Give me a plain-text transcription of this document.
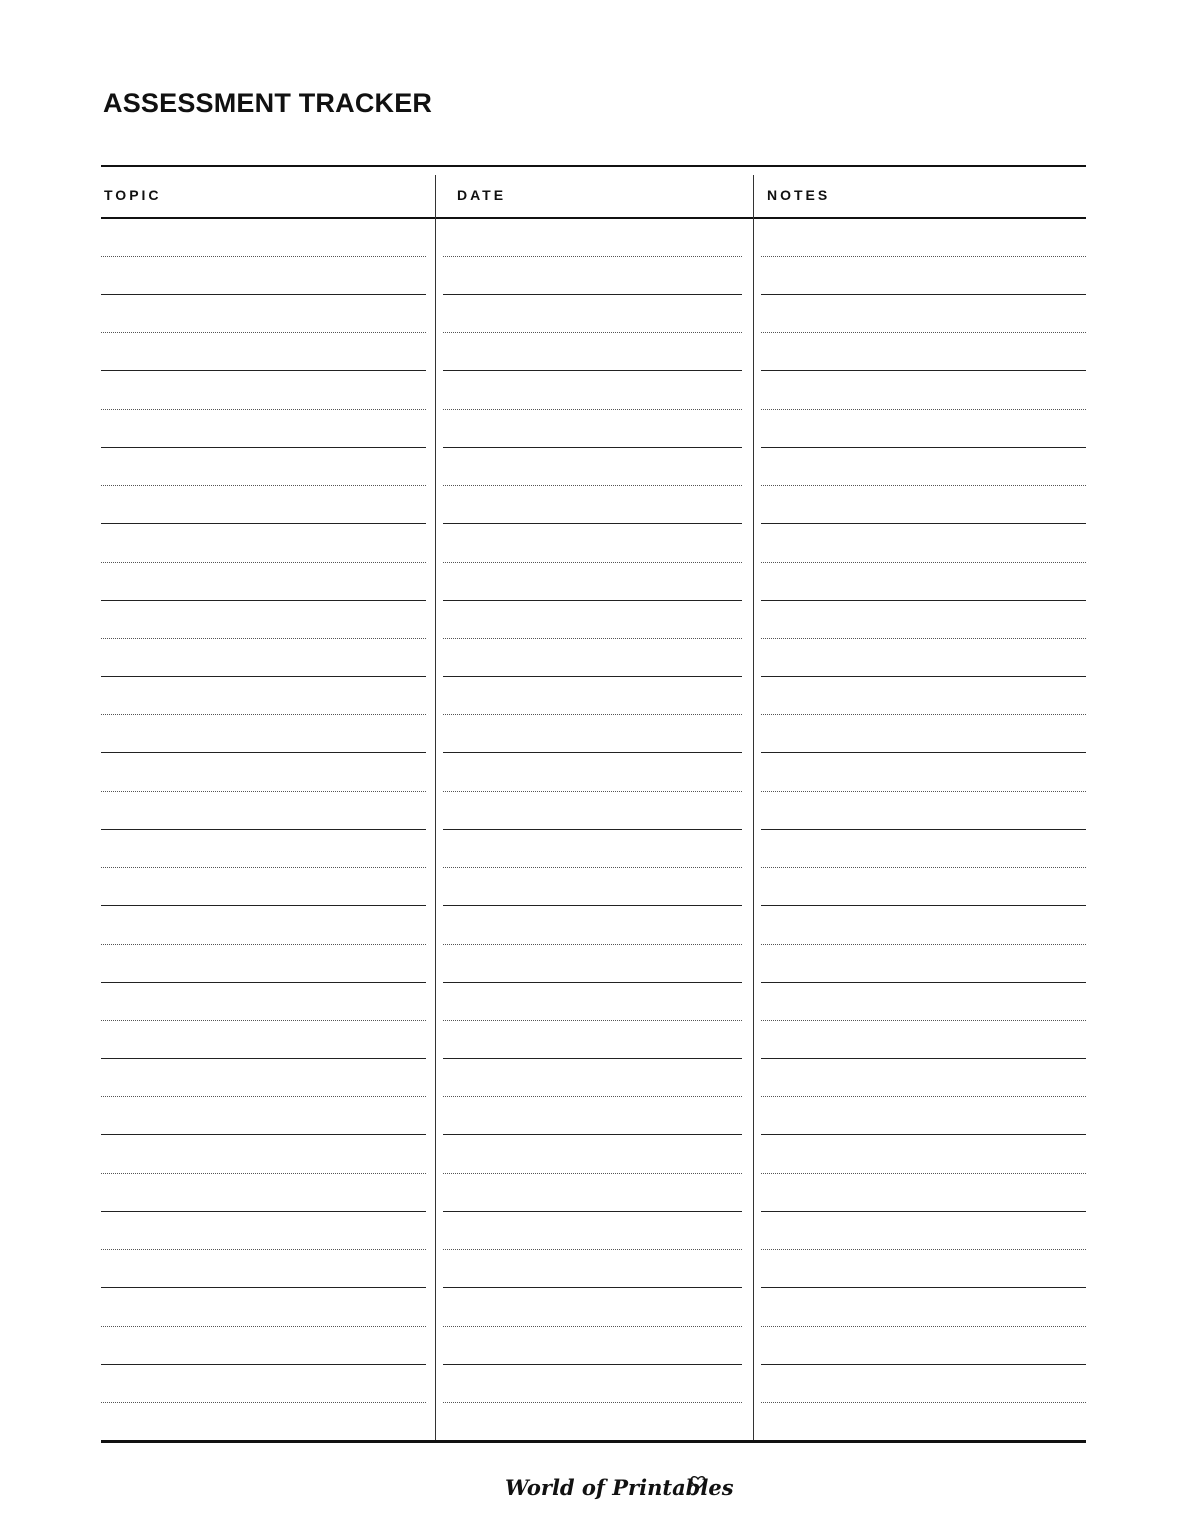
ASSESSMENT TRACKER
TOPIC	DATE	NOTES
World of Printables
